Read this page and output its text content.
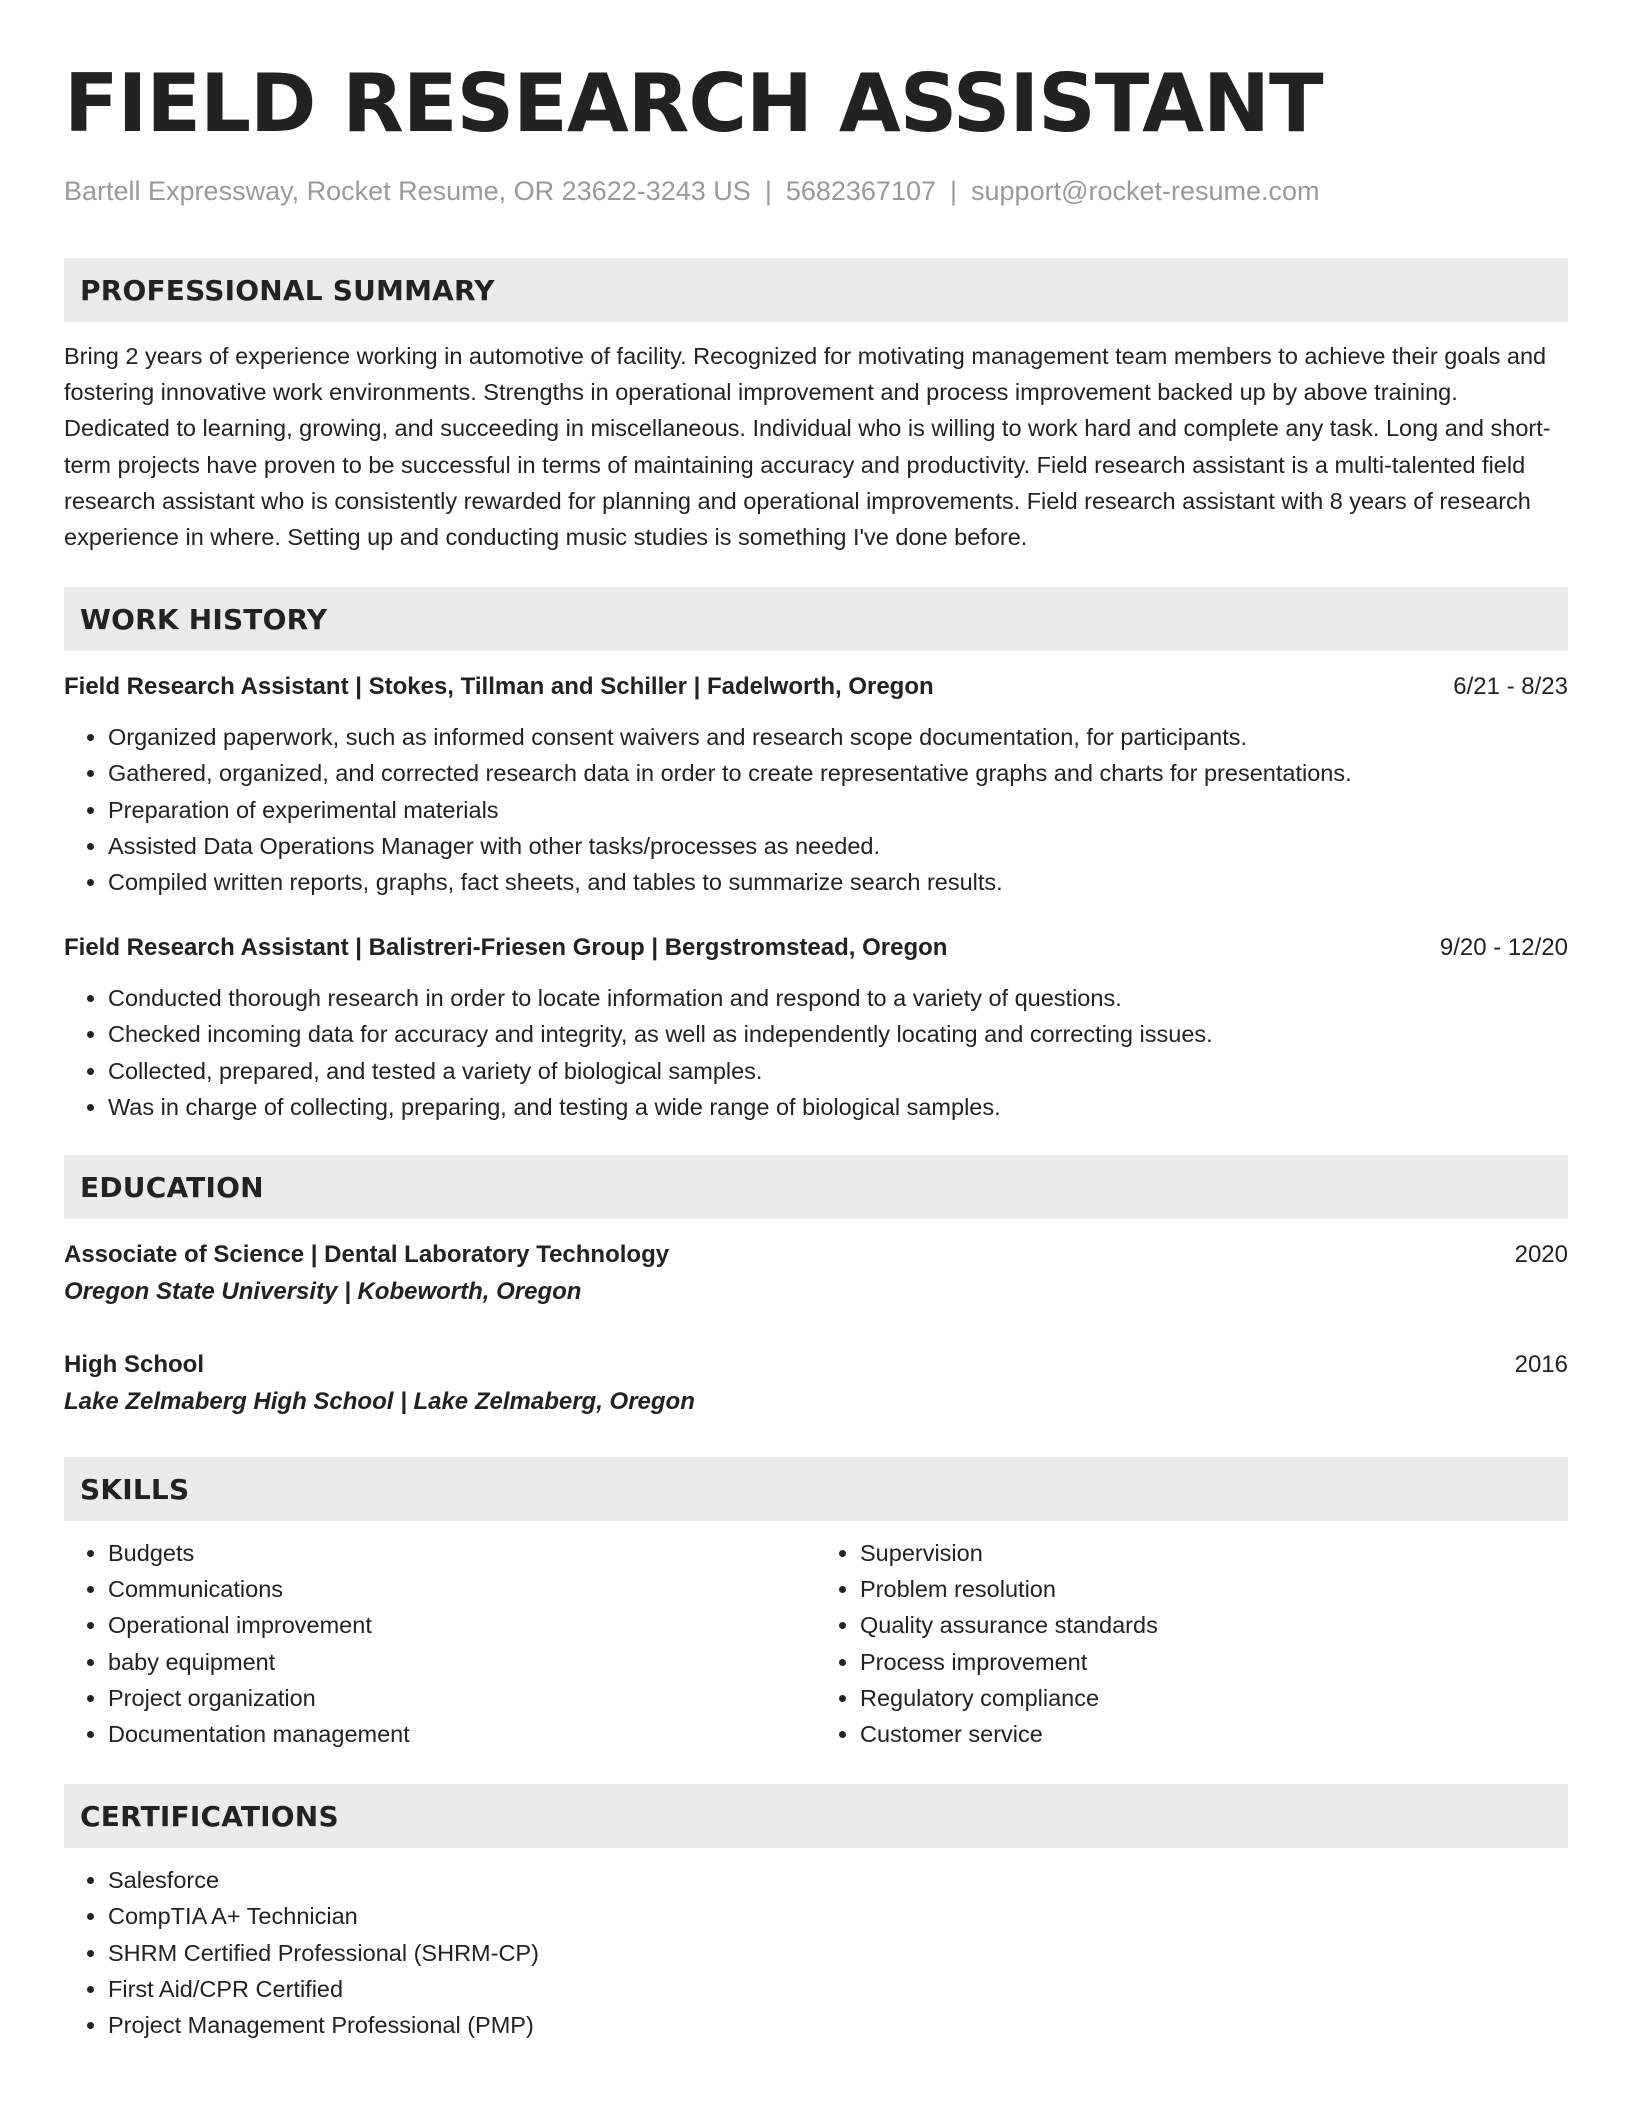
FIELD RESEARCH ASSISTANT
Bartell Expressway, Rocket Resume, OR 23622-3243 US | 5682367107 | support@rocket-resume.com
PROFESSIONAL SUMMARY
Bring 2 years of experience working in automotive of facility. Recognized for motivating management team members to achieve their goals and fostering innovative work environments. Strengths in operational improvement and process improvement backed up by above training. Dedicated to learning, growing, and succeeding in miscellaneous. Individual who is willing to work hard and complete any task. Long and short-term projects have proven to be successful in terms of maintaining accuracy and productivity. Field research assistant is a multi-talented field research assistant who is consistently rewarded for planning and operational improvements. Field research assistant with 8 years of research experience in where. Setting up and conducting music studies is something I've done before.
WORK HISTORY
Field Research Assistant | Stokes, Tillman and Schiller | Fadelworth, Oregon	6/21 - 8/23
• Organized paperwork, such as informed consent waivers and research scope documentation, for participants.
• Gathered, organized, and corrected research data in order to create representative graphs and charts for presentations.
• Preparation of experimental materials
• Assisted Data Operations Manager with other tasks/processes as needed.
• Compiled written reports, graphs, fact sheets, and tables to summarize search results.
Field Research Assistant | Balistreri-Friesen Group | Bergstromstead, Oregon	9/20 - 12/20
• Conducted thorough research in order to locate information and respond to a variety of questions.
• Checked incoming data for accuracy and integrity, as well as independently locating and correcting issues.
• Collected, prepared, and tested a variety of biological samples.
• Was in charge of collecting, preparing, and testing a wide range of biological samples.
EDUCATION
Associate of Science | Dental Laboratory Technology	2020
Oregon State University | Kobeworth, Oregon
High School	2016
Lake Zelmaberg High School | Lake Zelmaberg, Oregon
SKILLS
• Budgets
• Communications
• Operational improvement
• baby equipment
• Project organization
• Documentation management
• Supervision
• Problem resolution
• Quality assurance standards
• Process improvement
• Regulatory compliance
• Customer service
CERTIFICATIONS
• Salesforce
• CompTIA A+ Technician
• SHRM Certified Professional (SHRM-CP)
• First Aid/CPR Certified
• Project Management Professional (PMP)
